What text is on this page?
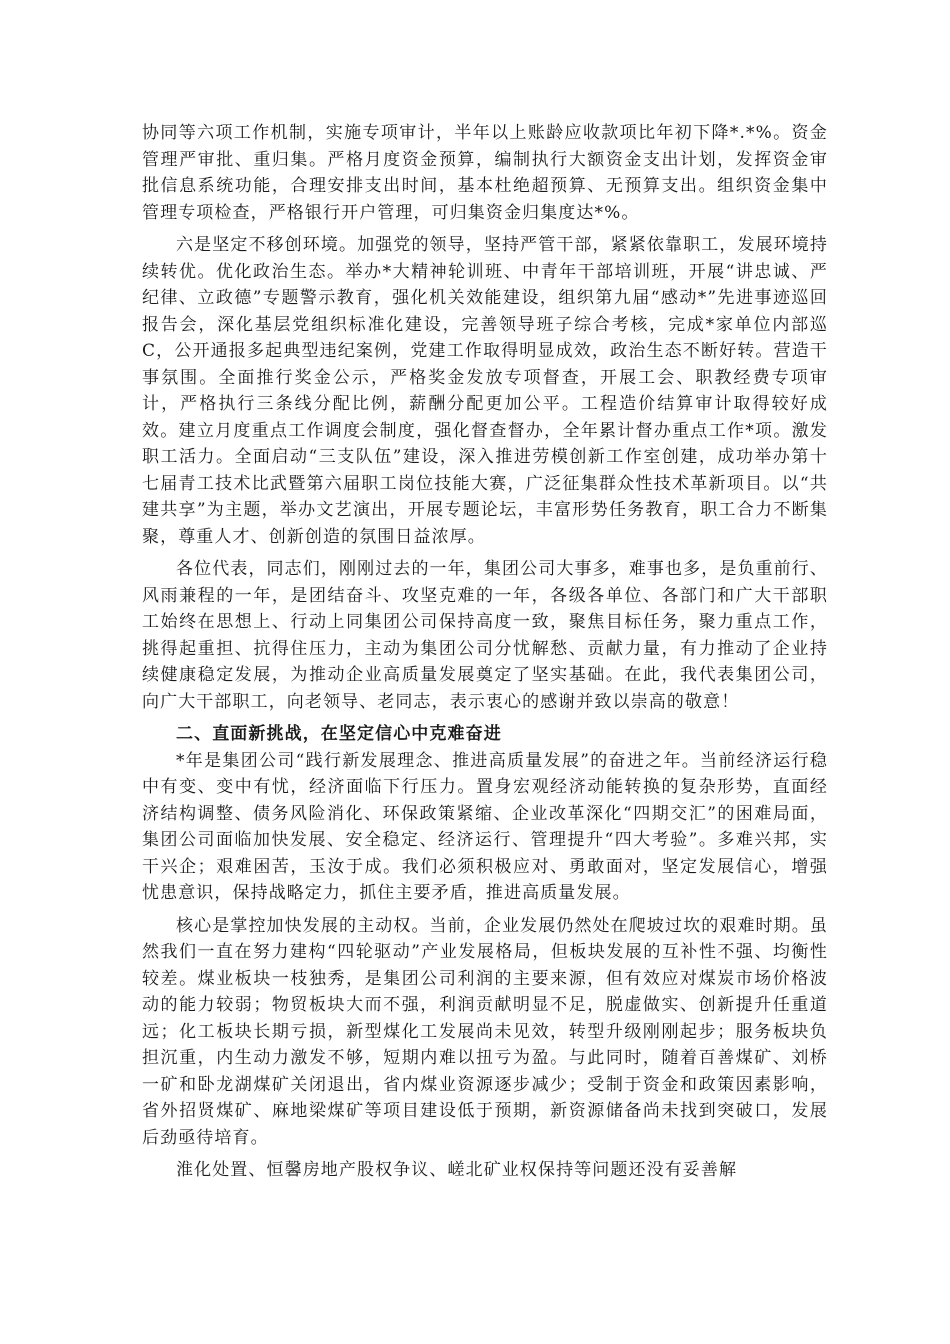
协同等六项工作机制，实施专项审计，半年以上账龄应收款项比年初下降*.*%。资金管理严审批、重归集。严格月度资金预算，编制执行大额资金支出计划，发挥资金审批信息系统功能，合理安排支出时间，基本杜绝超预算、无预算支出。组织资金集中管理专项检查，严格银行开户管理，可归集资金归集度达*%。

六是坚定不移创环境。加强党的领导，坚持严管干部，紧紧依靠职工，发展环境持续转优。优化政治生态。举办*大精神轮训班、中青年干部培训班，开展“讲忠诚、严纪律、立政德”专题警示教育，强化机关效能建设，组织第九届“感动*”先进事迹巡回报告会，深化基层党组织标准化建设，完善领导班子综合考核，完成*家单位内部巡C，公开通报多起典型违纪案例，党建工作取得明显成效，政治生态不断好转。营造干事氛围。全面推行奖金公示，严格奖金发放专项督查，开展工会、职教经费专项审计，严格执行三条线分配比例，薪酬分配更加公平。工程造价结算审计取得较好成效。建立月度重点工作调度会制度，强化督查督办，全年累计督办重点工作*项。激发职工活力。全面启动“三支队伍”建设，深入推进劳模创新工作室创建，成功举办第十七届青工技术比武暨第六届职工岗位技能大赛，广泛征集群众性技术革新项目。以“共建共享”为主题，举办文艺演出，开展专题论坛，丰富形势任务教育，职工合力不断集聚，尊重人才、创新创造的氛围日益浓厚。

各位代表，同志们，刚刚过去的一年，集团公司大事多，难事也多，是负重前行、风雨兼程的一年，是团结奋斗、攻坚克难的一年，各级各单位、各部门和广大干部职工始终在思想上、行动上同集团公司保持高度一致，聚焦目标任务，聚力重点工作，挑得起重担、抗得住压力，主动为集团公司分忧解愁、贡献力量，有力推动了企业持续健康稳定发展，为推动企业高质量发展奠定了坚实基础。在此，我代表集团公司，向广大干部职工，向老领导、老同志，表示衷心的感谢并致以崇高的敬意！

二、直面新挑战，在坚定信心中克难奋进

*年是集团公司“践行新发展理念、推进高质量发展”的奋进之年。当前经济运行稳中有变、变中有忧，经济面临下行压力。置身宏观经济动能转换的复杂形势，直面经济结构调整、债务风险消化、环保政策紧缩、企业改革深化“四期交汇”的困难局面，集团公司面临加快发展、安全稳定、经济运行、管理提升“四大考验”。多难兴邦，实干兴企；艰难困苦，玉汝于成。我们必须积极应对、勇敢面对，坚定发展信心，增强忧患意识，保持战略定力，抓住主要矛盾，推进高质量发展。

核心是掌控加快发展的主动权。当前，企业发展仍然处在爬坡过坎的艰难时期。虽然我们一直在努力建构“四轮驱动”产业发展格局，但板块发展的互补性不强、均衡性较差。煤业板块一枝独秀，是集团公司利润的主要来源，但有效应对煤炭市场价格波动的能力较弱；物贸板块大而不强，利润贡献明显不足，脱虚做实、创新提升任重道远；化工板块长期亏损，新型煤化工发展尚未见效，转型升级刚刚起步；服务板块负担沉重，内生动力激发不够，短期内难以扭亏为盈。与此同时，随着百善煤矿、刘桥一矿和卧龙湖煤矿关闭退出，省内煤业资源逐步减少；受制于资金和政策因素影响，省外招贤煤矿、麻地梁煤矿等项目建设低于预期，新资源储备尚未找到突破口，发展后劲亟待培育。

淮化处置、恒馨房地产股权争议、嵯北矿业权保持等问题还没有妥善解
